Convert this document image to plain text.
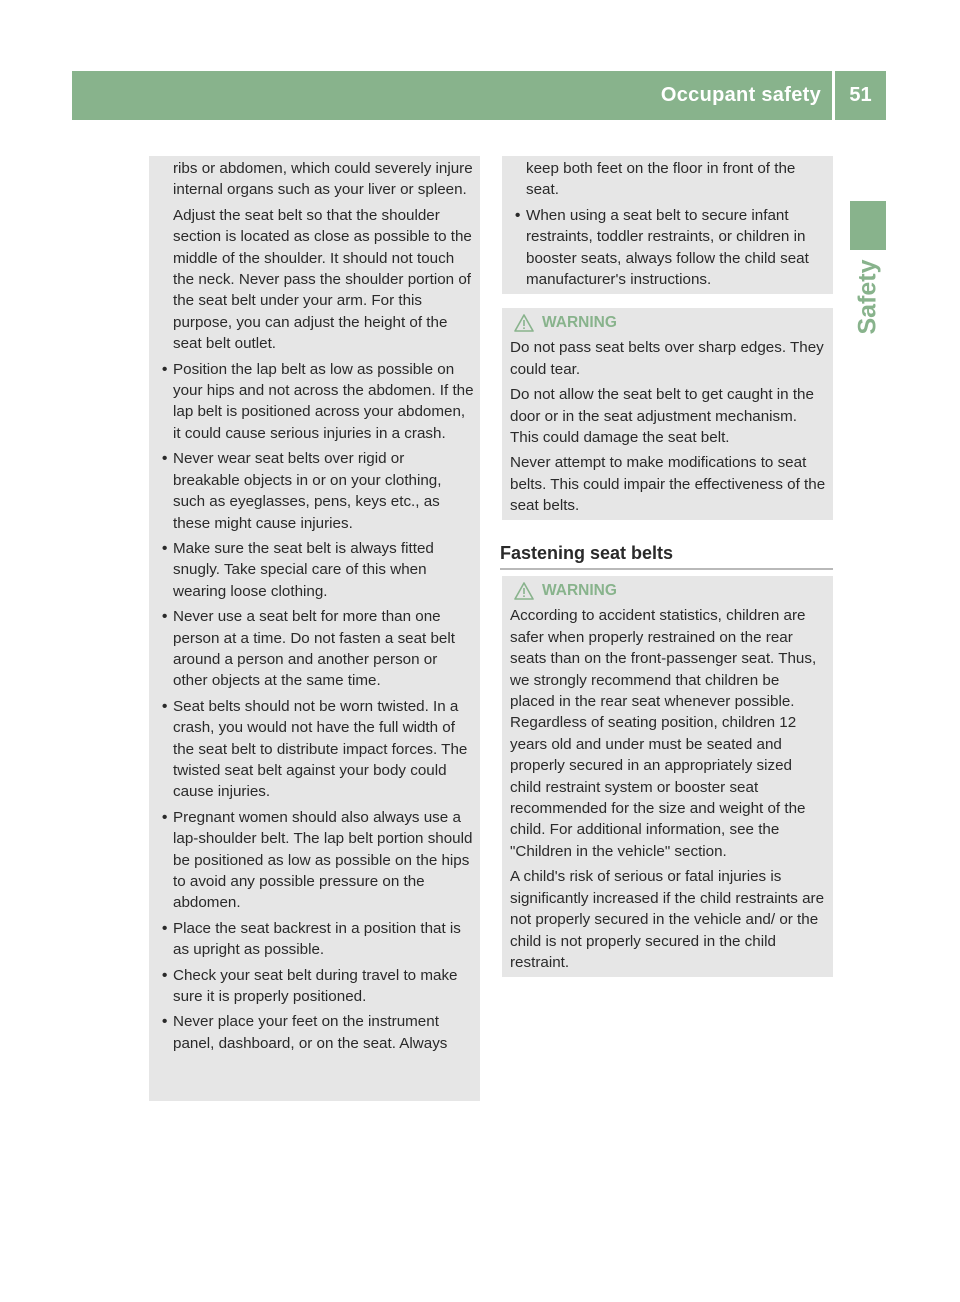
Occupant safety	51
Safety

ribs or abdomen, which could severely injure internal organs such as your liver or spleen.

Adjust the seat belt so that the shoulder section is located as close as possible to the middle of the shoulder. It should not touch the neck. Never pass the shoulder portion of the seat belt under your arm. For this purpose, you can adjust the height of the seat belt outlet.

• Position the lap belt as low as possible on your hips and not across the abdomen. If the lap belt is positioned across your abdomen, it could cause serious injuries in a crash.
• Never wear seat belts over rigid or breakable objects in or on your clothing, such as eyeglasses, pens, keys etc., as these might cause injuries.
• Make sure the seat belt is always fitted snugly. Take special care of this when wearing loose clothing.
• Never use a seat belt for more than one person at a time. Do not fasten a seat belt around a person and another person or other objects at the same time.
• Seat belts should not be worn twisted. In a crash, you would not have the full width of the seat belt to distribute impact forces. The twisted seat belt against your body could cause injuries.
• Pregnant women should also always use a lap-shoulder belt. The lap belt portion should be positioned as low as possible on the hips to avoid any possible pressure on the abdomen.
• Place the seat backrest in a position that is as upright as possible.
• Check your seat belt during travel to make sure it is properly positioned.
• Never place your feet on the instrument panel, dashboard, or on the seat. Always

keep both feet on the floor in front of the seat.

• When using a seat belt to secure infant restraints, toddler restraints, or children in booster seats, always follow the child seat manufacturer's instructions.
WARNING

Do not pass seat belts over sharp edges. They could tear.

Do not allow the seat belt to get caught in the door or in the seat adjustment mechanism. This could damage the seat belt.

Never attempt to make modifications to seat belts. This could impair the effectiveness of the seat belts.

Fastening seat belts
WARNING

According to accident statistics, children are safer when properly restrained on the rear seats than on the front-passenger seat. Thus, we strongly recommend that children be placed in the rear seat whenever possible. Regardless of seating position, children 12 years old and under must be seated and properly secured in an appropriately sized child restraint system or booster seat recommended for the size and weight of the child. For additional information, see the "Children in the vehicle" section.

A child's risk of serious or fatal injuries is significantly increased if the child restraints are not properly secured in the vehicle and/ or the child is not properly secured in the child restraint.
